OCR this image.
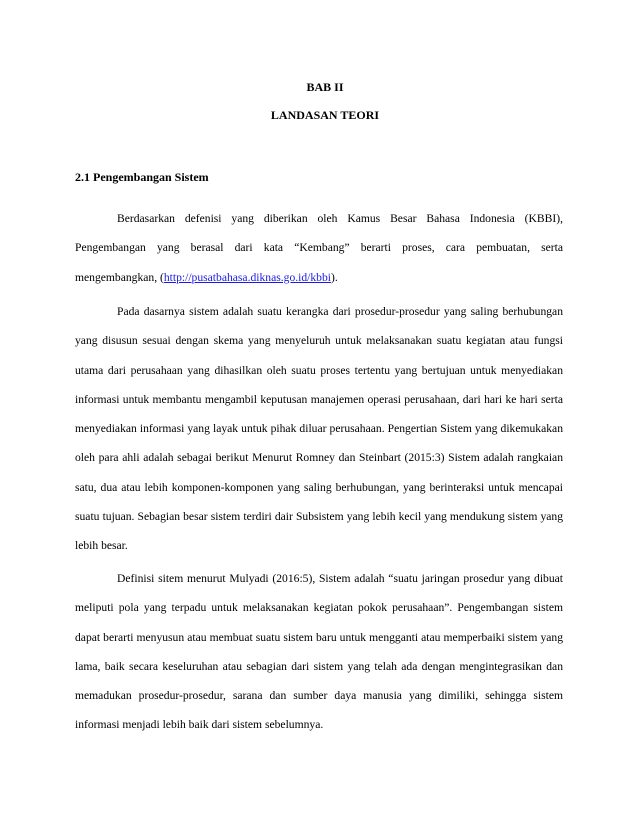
BAB II
LANDASAN TEORI
2.1 Pengembangan Sistem

Berdasarkan defenisi yang diberikan oleh Kamus Besar Bahasa Indonesia (KBBI), Pengembangan yang berasal dari kata “Kembang” berarti proses, cara pembuatan, serta mengembangkan, (http://pusatbahasa.diknas.go.id/kbbi).

Pada dasarnya sistem adalah suatu kerangka dari prosedur-prosedur yang saling berhubungan yang disusun sesuai dengan skema yang menyeluruh untuk melaksanakan suatu kegiatan atau fungsi utama dari perusahaan yang dihasilkan oleh suatu proses tertentu yang bertujuan untuk menyediakan informasi untuk membantu mengambil keputusan manajemen operasi perusahaan, dari hari ke hari serta menyediakan informasi yang layak untuk pihak diluar perusahaan. Pengertian Sistem yang dikemukakan oleh para ahli adalah sebagai berikut Menurut Romney dan Steinbart (2015:3) Sistem adalah rangkaian satu, dua atau lebih komponen-komponen yang saling berhubungan, yang berinteraksi untuk mencapai suatu tujuan. Sebagian besar sistem terdiri dair Subsistem yang lebih kecil yang mendukung sistem yang lebih besar.

Definisi sitem menurut Mulyadi (2016:5), Sistem adalah “suatu jaringan prosedur yang dibuat meliputi pola yang terpadu untuk melaksanakan kegiatan pokok perusahaan”. Pengembangan sistem dapat berarti menyusun atau membuat suatu sistem baru untuk mengganti atau memperbaiki sistem yang lama, baik secara keseluruhan atau sebagian dari sistem yang telah ada dengan mengintegrasikan dan memadukan prosedur-prosedur, sarana dan sumber daya manusia yang dimiliki, sehingga sistem informasi menjadi lebih baik dari sistem sebelumnya.
